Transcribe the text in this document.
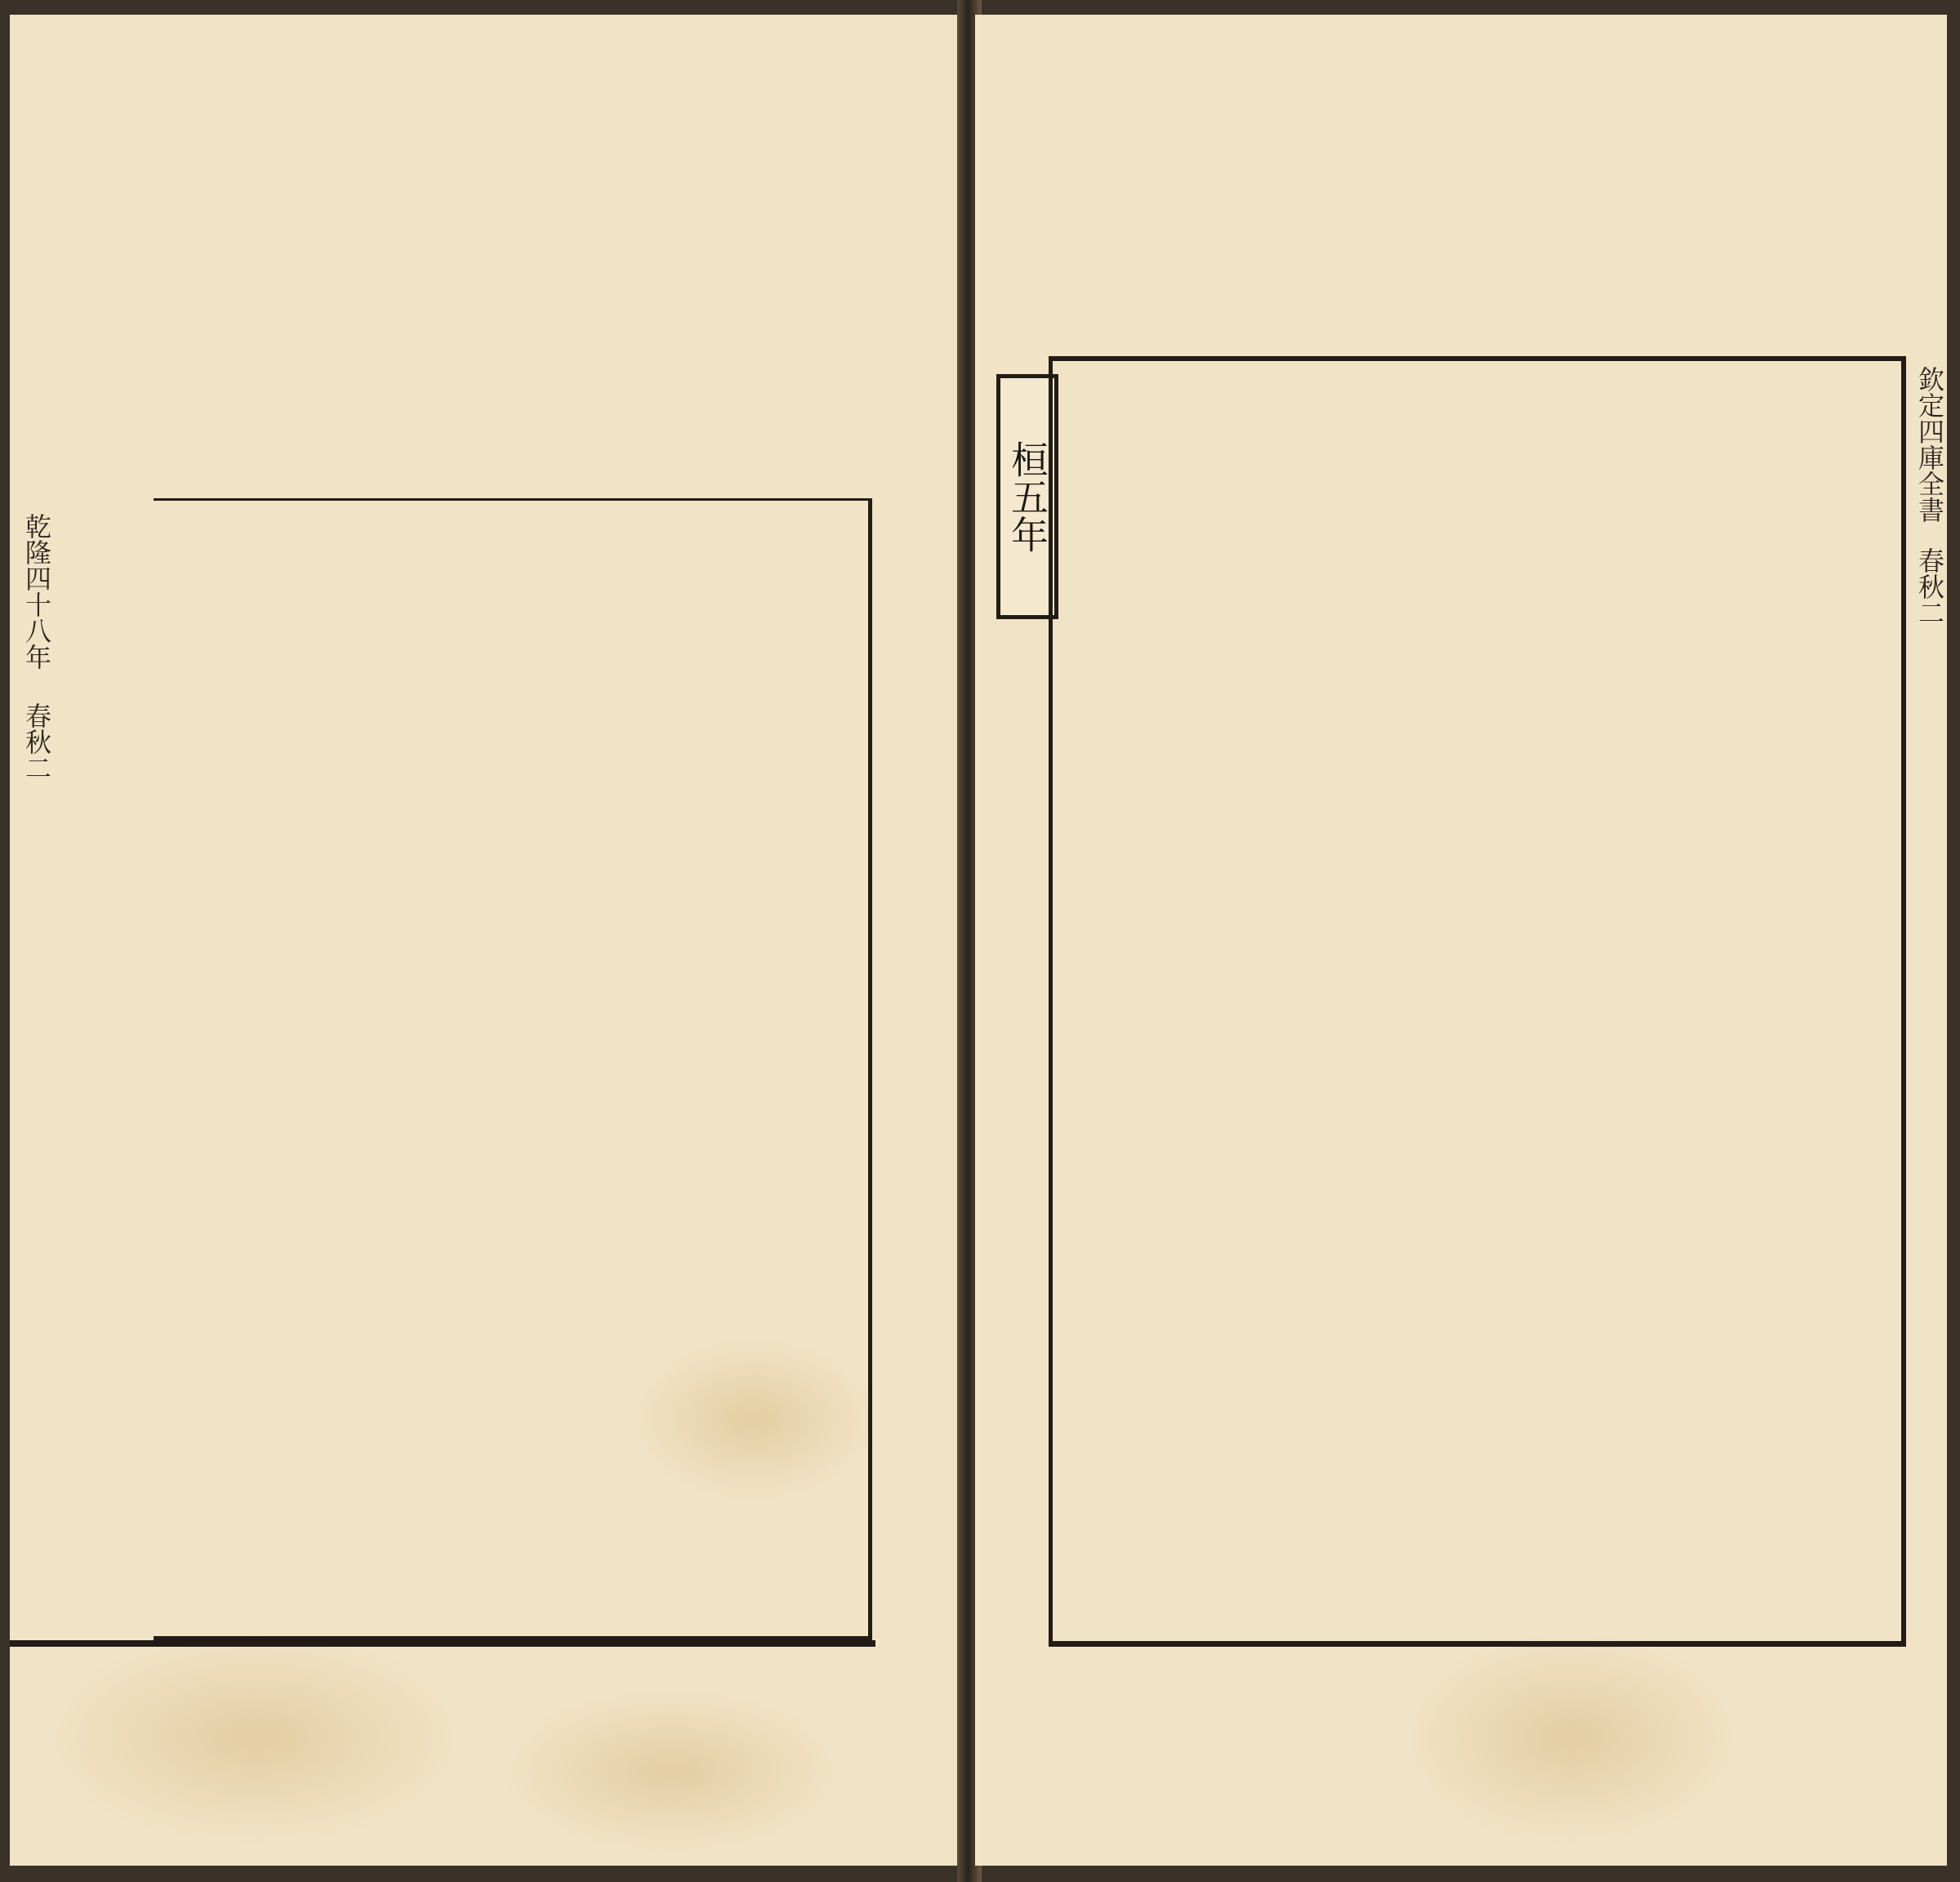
乾隆四十八年
春秋二
欽定四庫全書
春秋二
桓五年
